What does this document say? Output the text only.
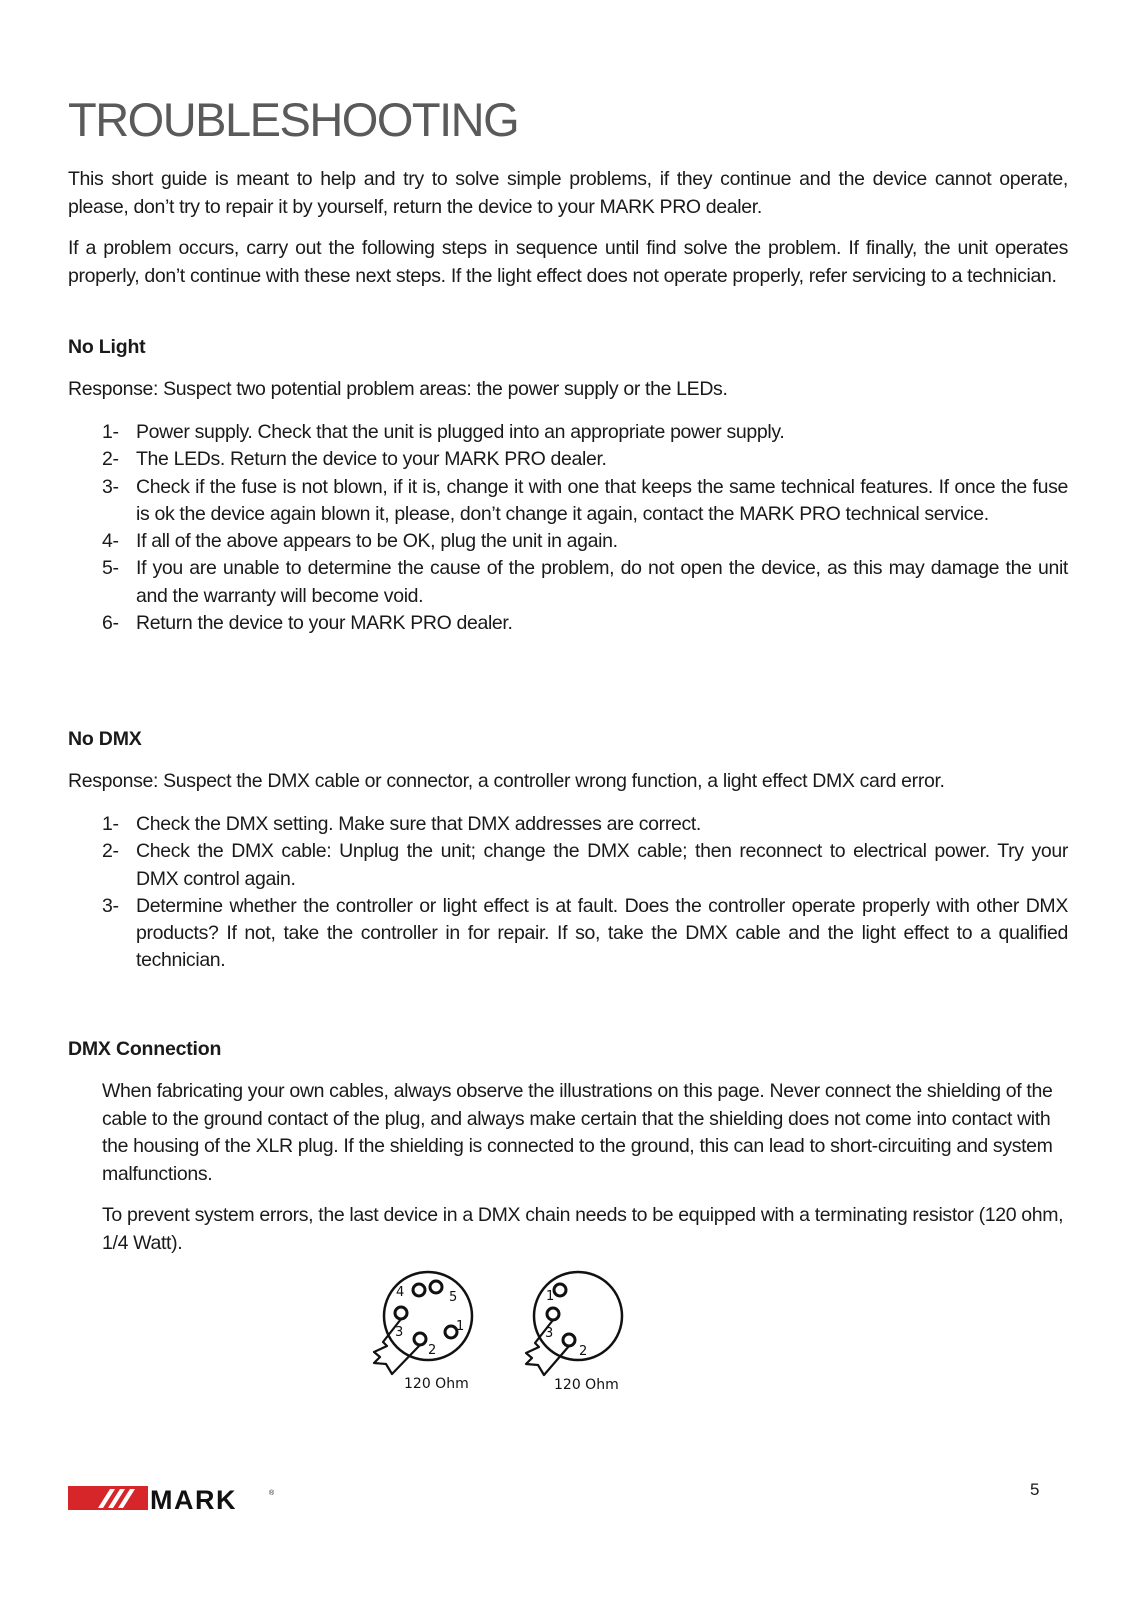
TROUBLESHOOTING

This short guide is meant to help and try to solve simple problems, if they continue and the device cannot operate, please, don’t try to repair it by yourself, return the device to your MARK PRO dealer.

If a problem occurs, carry out the following steps in sequence until find solve the problem. If finally, the unit operates properly, don’t continue with these next steps. If the light effect does not operate properly, refer servicing to a technician.

No Light

Response: Suspect two potential problem areas: the power supply or the LEDs.

1- Power supply. Check that the unit is plugged into an appropriate power supply.
2- The LEDs. Return the device to your MARK PRO dealer.
3- Check if the fuse is not blown, if it is, change it with one that keeps the same technical features. If once the fuse is ok the device again blown it, please, don’t change it again, contact the MARK PRO technical service.
4- If all of the above appears to be OK, plug the unit in again.
5- If you are unable to determine the cause of the problem, do not open the device, as this may damage the unit and the warranty will become void.
6- Return the device to your MARK PRO dealer.
No DMX

Response: Suspect the DMX cable or connector, a controller wrong function, a light effect DMX card error.

1- Check the DMX setting. Make sure that DMX addresses are correct.
2- Check the DMX cable: Unplug the unit; change the DMX cable; then reconnect to electrical power. Try your DMX control again.
3- Determine whether the controller or light effect is at fault. Does the controller operate properly with other DMX products? If not, take the controller in for repair. If so, take the DMX cable and the light effect to a qualified technician.
DMX Connection

When fabricating your own cables, always observe the illustrations on this page. Never connect the shielding of the cable to the ground contact of the plug, and always make certain that the shielding does not come into contact with the housing of the XLR plug. If the shielding is connected to the ground, this can lead to short-circuiting and system malfunctions.

To prevent system errors, the last device in a DMX chain needs to be equipped with a terminating resistor (120 ohm, 1/4 Watt).

4	5
3
2
1
120 Ohm
1
3
2
120 Ohm
MARK	®	5
